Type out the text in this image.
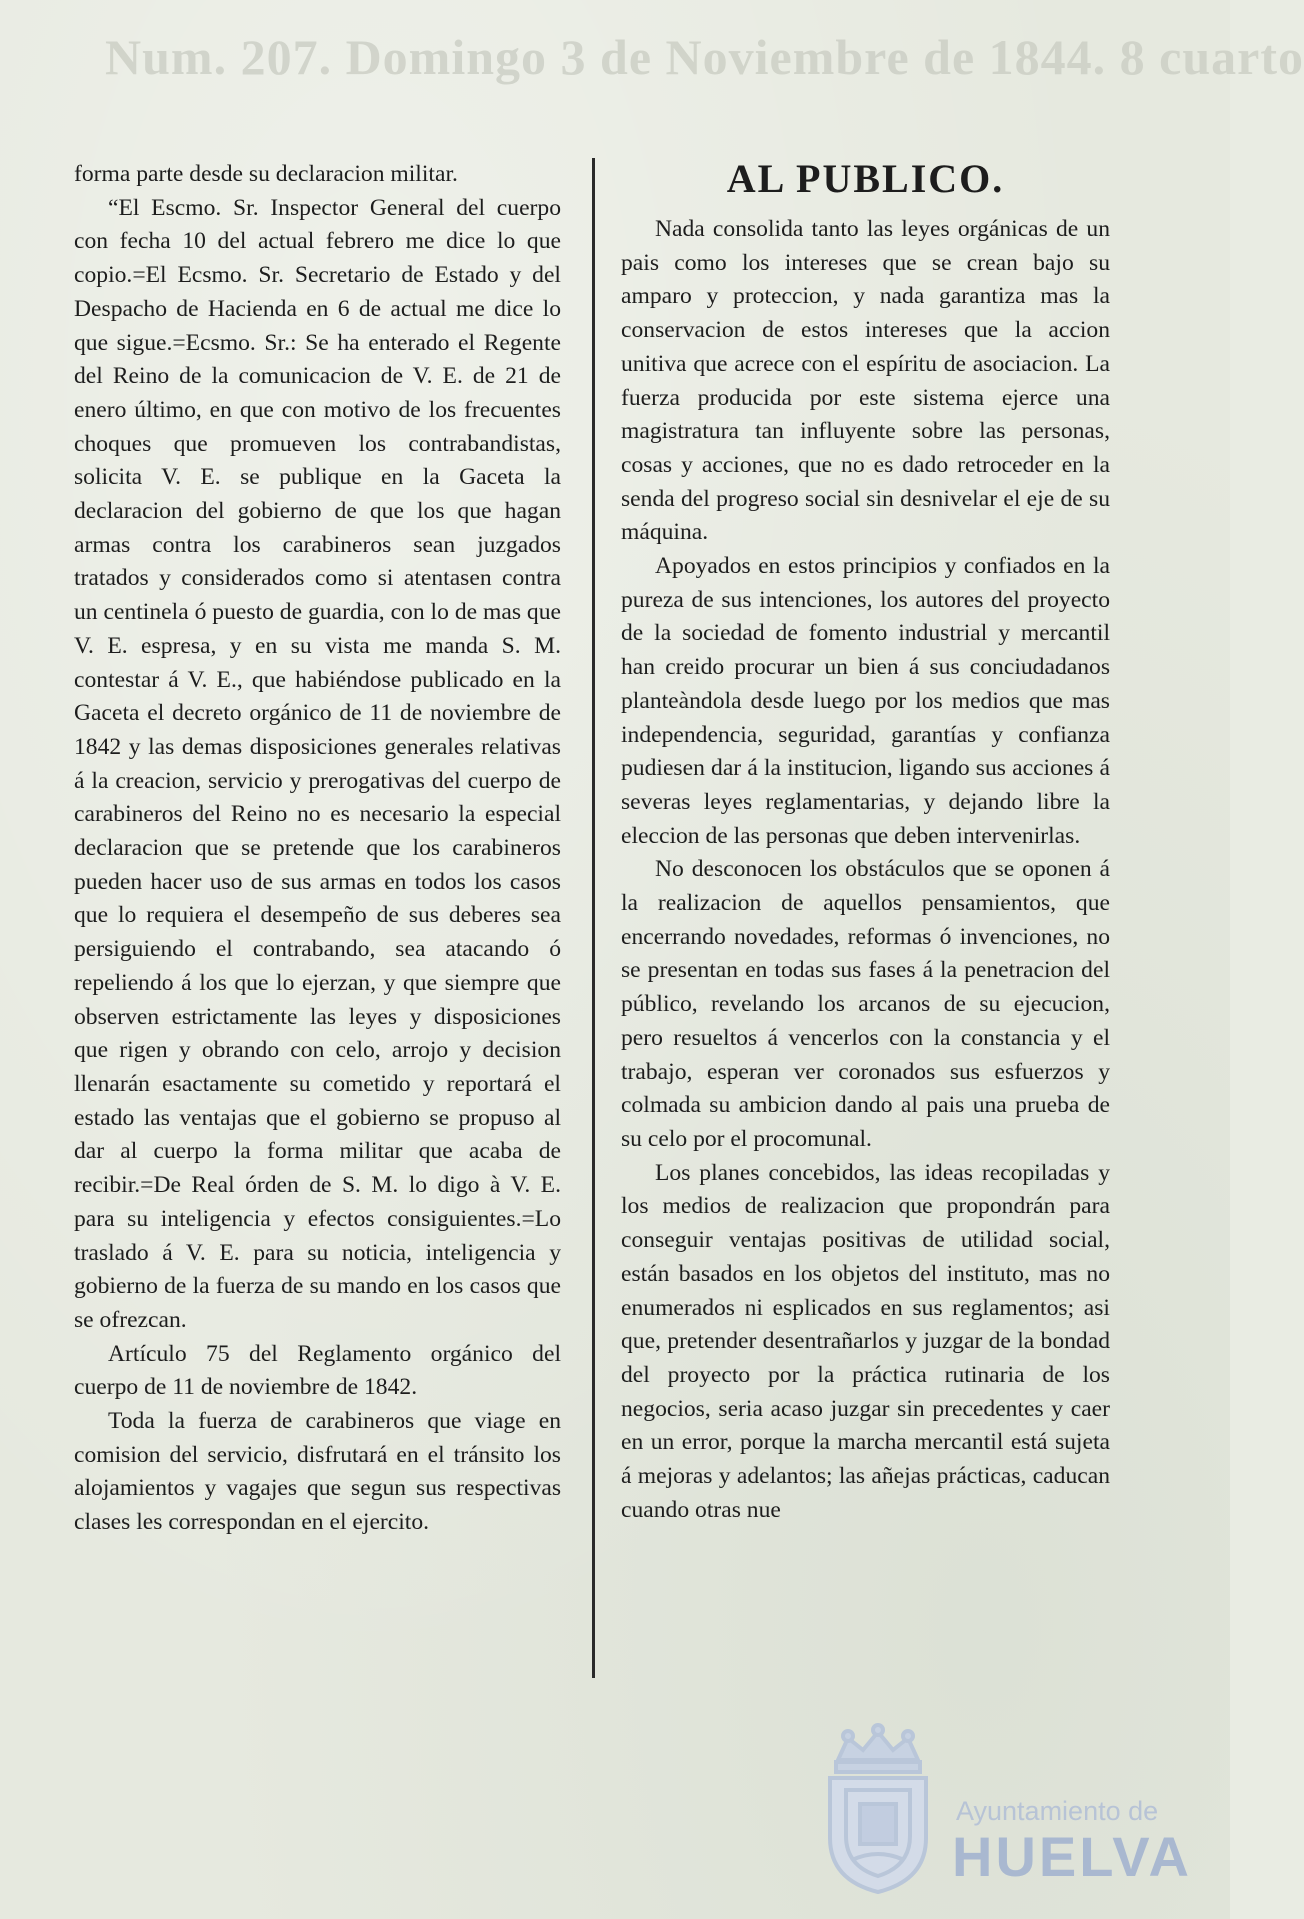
Num. 207. Domingo 3 de Noviembre de 1844. 8 cuarto

forma parte desde su declaracion militar.

“El Escmo. Sr. Inspector General del cuerpo con fecha 10 del actual febrero me dice lo que copio.=El Ecsmo. Sr. Secretario de Estado y del Despacho de Hacienda en 6 de actual me dice lo que sigue.=Ecsmo. Sr.: Se ha enterado el Regente del Reino de la comunicacion de V. E. de 21 de enero último, en que con motivo de los frecuentes choques que promueven los contrabandistas, solicita V. E. se publique en la Gaceta la declaracion del gobierno de que los que hagan armas contra los carabineros sean juzgados tratados y considerados como si atentasen contra un centinela ó puesto de guardia, con lo de mas que V. E. espresa, y en su vista me manda S. M. contestar á V. E., que habiéndose publicado en la Gaceta el decreto orgánico de 11 de noviembre de 1842 y las demas disposiciones generales relativas á la creacion, servicio y prerogativas del cuerpo de carabineros del Reino no es necesario la especial declaracion que se pretende que los carabineros pueden hacer uso de sus armas en todos los casos que lo requiera el desempeño de sus deberes sea persiguiendo el contrabando, sea atacando ó repeliendo á los que lo ejerzan, y que siempre que observen estrictamente las leyes y disposiciones que rigen y obrando con celo, arrojo y decision llenarán esactamente su cometido y reportará el estado las ventajas que el gobierno se propuso al dar al cuerpo la forma militar que acaba de recibir.=De Real órden de S. M. lo digo à V. E. para su inteligencia y efectos consiguientes.=Lo traslado á V. E. para su noticia, inteligencia y gobierno de la fuerza de su mando en los casos que se ofrezcan.

Artículo 75 del Reglamento orgánico del cuerpo de 11 de noviembre de 1842.

Toda la fuerza de carabineros que viage en comision del servicio, disfrutará en el tránsito los alojamientos y vagajes que segun sus respectivas clases les correspondan en el ejercito.

AL PUBLICO.

Nada consolida tanto las leyes orgánicas de un pais como los intereses que se crean bajo su amparo y proteccion, y nada garantiza mas la conservacion de estos intereses que la accion unitiva que acrece con el espíritu de asociacion. La fuerza producida por este sistema ejerce una magistratura tan influyente sobre las personas, cosas y acciones, que no es dado retroceder en la senda del progreso social sin desnivelar el eje de su máquina.

Apoyados en estos principios y confiados en la pureza de sus intenciones, los autores del proyecto de la sociedad de fomento industrial y mercantil han creido procurar un bien á sus conciudadanos planteàndola desde luego por los medios que mas independencia, seguridad, garantías y confianza pudiesen dar á la institucion, ligando sus acciones á severas leyes reglamentarias, y dejando libre la eleccion de las personas que deben intervenirlas.

No desconocen los obstáculos que se oponen á la realizacion de aquellos pensamientos, que encerrando novedades, reformas ó invenciones, no se presentan en todas sus fases á la penetracion del público, revelando los arcanos de su ejecucion, pero resueltos á vencerlos con la constancia y el trabajo, esperan ver coronados sus esfuerzos y colmada su ambicion dando al pais una prueba de su celo por el procomunal.

Los planes concebidos, las ideas recopiladas y los medios de realizacion que propondrán para conseguir ventajas positivas de utilidad social, están basados en los objetos del instituto, mas no enumerados ni esplicados en sus reglamentos; asi que, pretender desentrañarlos y juzgar de la bondad del proyecto por la práctica rutinaria de los negocios, seria acaso juzgar sin precedentes y caer en un error, porque la marcha mercantil está sujeta á mejoras y adelantos; las añejas prácticas, caducan cuando otras nue

Ayuntamiento de
HUELVA
